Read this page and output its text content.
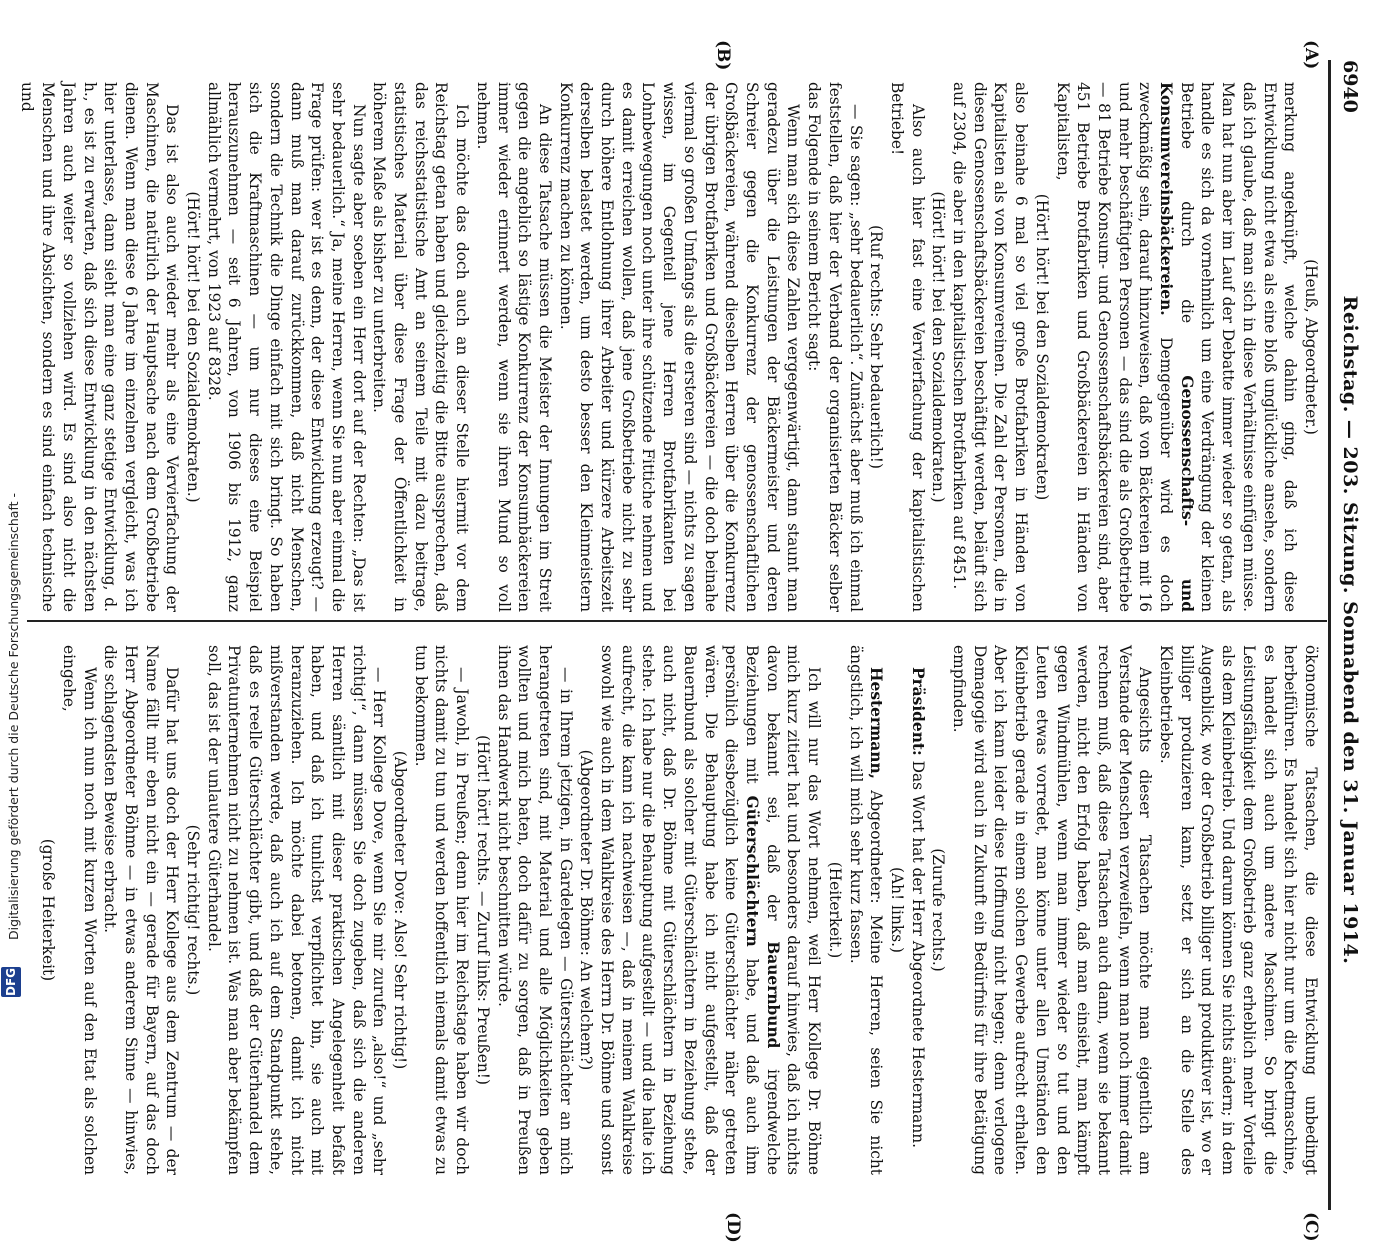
6940
Reichstag. — 203. Sitzung. Sonnabend den 31. Januar 1914.
(A)
(B)
(C)
(D)

(Heuß, Abgeordneter.)

merkung angeknüpft, welche dahin ging, daß ich diese Entwicklung nicht etwa als eine bloß unglückliche ansehe, sondern daß ich glaube, daß man sich in diese Verhältnisse einfügen müsse. Man hat nun aber im Lauf der Debatte immer wieder so getan, als handle es sich da vornehmlich um eine Verdrängung der kleinen Betriebe durch die Genossenschafts- und Konsumvereinsbäckereien. Demgegenüber wird es doch zweckmäßig sein, darauf hinzuweisen, daß von Bäckereien mit 16 und mehr beschäftigten Personen — das sind die als Großbetriebe — 81 Betriebe Konsum- und Genossenschaftsbäckereien sind, aber 451 Betriebe Brotfabriken und Großbäckereien in Händen von Kapitalisten,

(Hört! hört! bei den Sozialdemokraten)

also beinahe 6 mal so viel große Brotfabriken in Händen von Kapitalisten als von Konsumvereinen. Die Zahl der Personen, die in diesen Genossenschaftsbäckereien beschäftigt werden, beläuft sich auf 2304, die aber in den kapitalistischen Brotfabriken auf 8451.

(Hört! hört! bei den Sozialdemokraten.)

Also auch hier fast eine Vervierfachung der kapitalistischen Betriebe!

(Ruf rechts: Sehr bedauerlich!)

— Sie sagen: „sehr bedauerlich“. Zunächst aber muß ich einmal feststellen, daß hier der Verband der organisierten Bäcker selber das Folgende in seinem Bericht sagt:

Wenn man sich diese Zahlen vergegenwärtigt, dann staunt man geradezu über die Leistungen der Bäckermeister und deren Schreier gegen die Konkurrenz der genossenschaftlichen Großbäckereien, während dieselben Herren über die Konkurrenz der übrigen Brotfabriken und Großbäckereien — die doch beinahe viermal so großen Umfangs als die ersteren sind — nichts zu sagen wissen, im Gegenteil jene Herren Brotfabrikanten bei Lohnbewegungen noch unter ihre schützende Fittiche nehmen und es damit erreichen wollen, daß jene Großbetriebe nicht zu sehr durch höhere Entlohnung ihrer Arbeiter und kürzere Arbeitszeit derselben belastet werden, um desto besser den Kleinmeistern Konkurrenz machen zu können.

An diese Tatsache müssen die Meister der Innungen im Streit gegen die angeblich so lästige Konkurrenz der Konsumbäckereien immer wieder erinnert werden, wenn sie ihren Mund so voll nehmen.

Ich möchte das doch auch an dieser Stelle hiermit vor dem Reichstag getan haben und gleichzeitig die Bitte aussprechen, daß das reichsstatistische Amt an seinem Teile mit dazu beitrage, statistisches Material über diese Frage der Öffentlichkeit in höherem Maße als bisher zu unterbreiten.

Nun sagte aber soeben ein Herr dort auf der Rechten: „Das ist sehr bedauerlich.“ Ja, meine Herren, wenn Sie nun aber einmal die Frage prüfen: wer ist es denn, der diese Entwicklung erzeugt? — dann muß man darauf zurückkommen, daß nicht Menschen, sondern die Technik die Dinge einfach mit sich bringt. So haben sich die Kraftmaschinen — um nur dieses eine Beispiel herauszunehmen — seit 6 Jahren, von 1906 bis 1912, ganz allmählich vermehrt, von 1923 auf 8328.

(Hört! hört! bei den Sozialdemokraten.)

Das ist also auch wieder mehr als eine Vervierfachung der Maschinen, die natürlich der Hauptsache nach dem Großbetriebe dienen. Wenn man diese 6 Jahre im einzelnen vergleicht, was ich hier unterlasse, dann sieht man eine ganz stetige Entwicklung, d. h., es ist zu erwarten, daß sich diese Entwicklung in den nächsten Jahren auch weiter so vollziehen wird. Es sind also nicht die Menschen und ihre Absichten, sondern es sind einfach technische und

ökonomische Tatsachen, die diese Entwicklung unbedingt herbeiführen. Es handelt sich hier nicht nur um die Knetmaschine, es handelt sich auch um andere Maschinen. So bringt die Leistungsfähigkeit dem Großbetrieb ganz erheblich mehr Vorteile als dem Kleinbetrieb. Und darum können Sie nichts ändern; in dem Augenblick, wo der Großbetrieb billiger und produktiver ist, wo er billiger produzieren kann, setzt er sich an die Stelle des Kleinbetriebes.

Angesichts dieser Tatsachen möchte man eigentlich am Verstande der Menschen verzweifeln, wenn man noch immer damit rechnen muß, daß diese Tatsachen auch dann, wenn sie bekannt werden, nicht den Erfolg haben, daß man einsieht, man kämpft gegen Windmühlen, wenn man immer wieder so tut und den Leuten etwas vorredet, man könne unter allen Umständen den Kleinbetrieb gerade in einem solchen Gewerbe aufrecht erhalten. Aber ich kann leider diese Hoffnung nicht hegen; denn verlogene Demagogie wird auch in Zukunft ein Bedürfnis für ihre Betätigung empfinden.

(Zurufe rechts.)

Präsident: Das Wort hat der Herr Abgeordnete Hestermann.

(Ah! links.)

Hestermann, Abgeordneter: Meine Herren, seien Sie nicht ängstlich, ich will mich sehr kurz fassen.

(Heiterkeit.)

Ich will nur das Wort nehmen, weil Herr Kollege Dr. Böhme mich kurz zitiert hat und besonders darauf hinwies, daß ich nichts davon bekannt sei, daß der Bauernbund irgendwelche Beziehungen mit Güterschlächtern habe, und daß auch ihm persönlich diesbezüglich keine Güterschlächter näher getreten wären. Die Behauptung habe ich nicht aufgestellt, daß der Bauernbund als solcher mit Güterschlächtern in Beziehung stehe, auch nicht, daß Dr. Böhme mit Güterschlächtern in Beziehung stehe. Ich habe nur die Behauptung aufgestellt — und die halte ich aufrecht, die kann ich nachweisen —, daß in meinem Wahlkreise sowohl wie auch in dem Wahlkreise des Herrn Dr. Böhme und sonst

(Abgeordneter Dr. Böhme: An welchem?)

— in Ihrem jetzigen, in Gardelegen — Güterschlächter an mich herangetreten sind, mit Material und alle Möglichkeiten geben wollten und mich baten, doch dafür zu sorgen, daß in Preußen ihnen das Handwerk nicht beschnitten würde.

(Hört! hört! rechts. — Zuruf links: Preußen!)

— Jawohl, in Preußen; denn hier im Reichstage haben wir doch nichts damit zu tun und werden hoffentlich niemals damit etwas zu tun bekommen.

(Abgeordneter Dove: Also! Sehr richtig!)

— Herr Kollege Dove, wenn Sie mir zurufen „also!“ und „sehr richtig!“, dann müssen Sie doch zugeben, daß sich die anderen Herren sämtlich mit dieser praktischen Angelegenheit befaßt haben, und daß ich tunlichst verpflichtet bin, sie auch mit heranzuziehen. Ich möchte dabei betonen, damit ich nicht mißverstanden werde, daß auch ich auf dem Standpunkt stehe, daß es reelle Güterschlächter gibt, und daß der Güterhandel dem Privatunternehmen nicht zu nehmen ist. Was man aber bekämpfen soll, das ist der unlautere Güterhandel.

(Sehr richtig! rechts.)

Dafür hat uns doch der Herr Kollege aus dem Zentrum — der Name fällt mir eben nicht ein — gerade für Bayern, auf das doch Herr Abgeordneter Böhme — in etwas anderem Sinne — hinwies, die schlagendsten Beweise erbracht.

Wenn ich nun noch mit kurzen Worten auf den Etat als solchen eingehe,

(große Heiterkeit)

Digitalisierung gefördert durch die Deutsche Forschungsgemeinschaft -
DFG
